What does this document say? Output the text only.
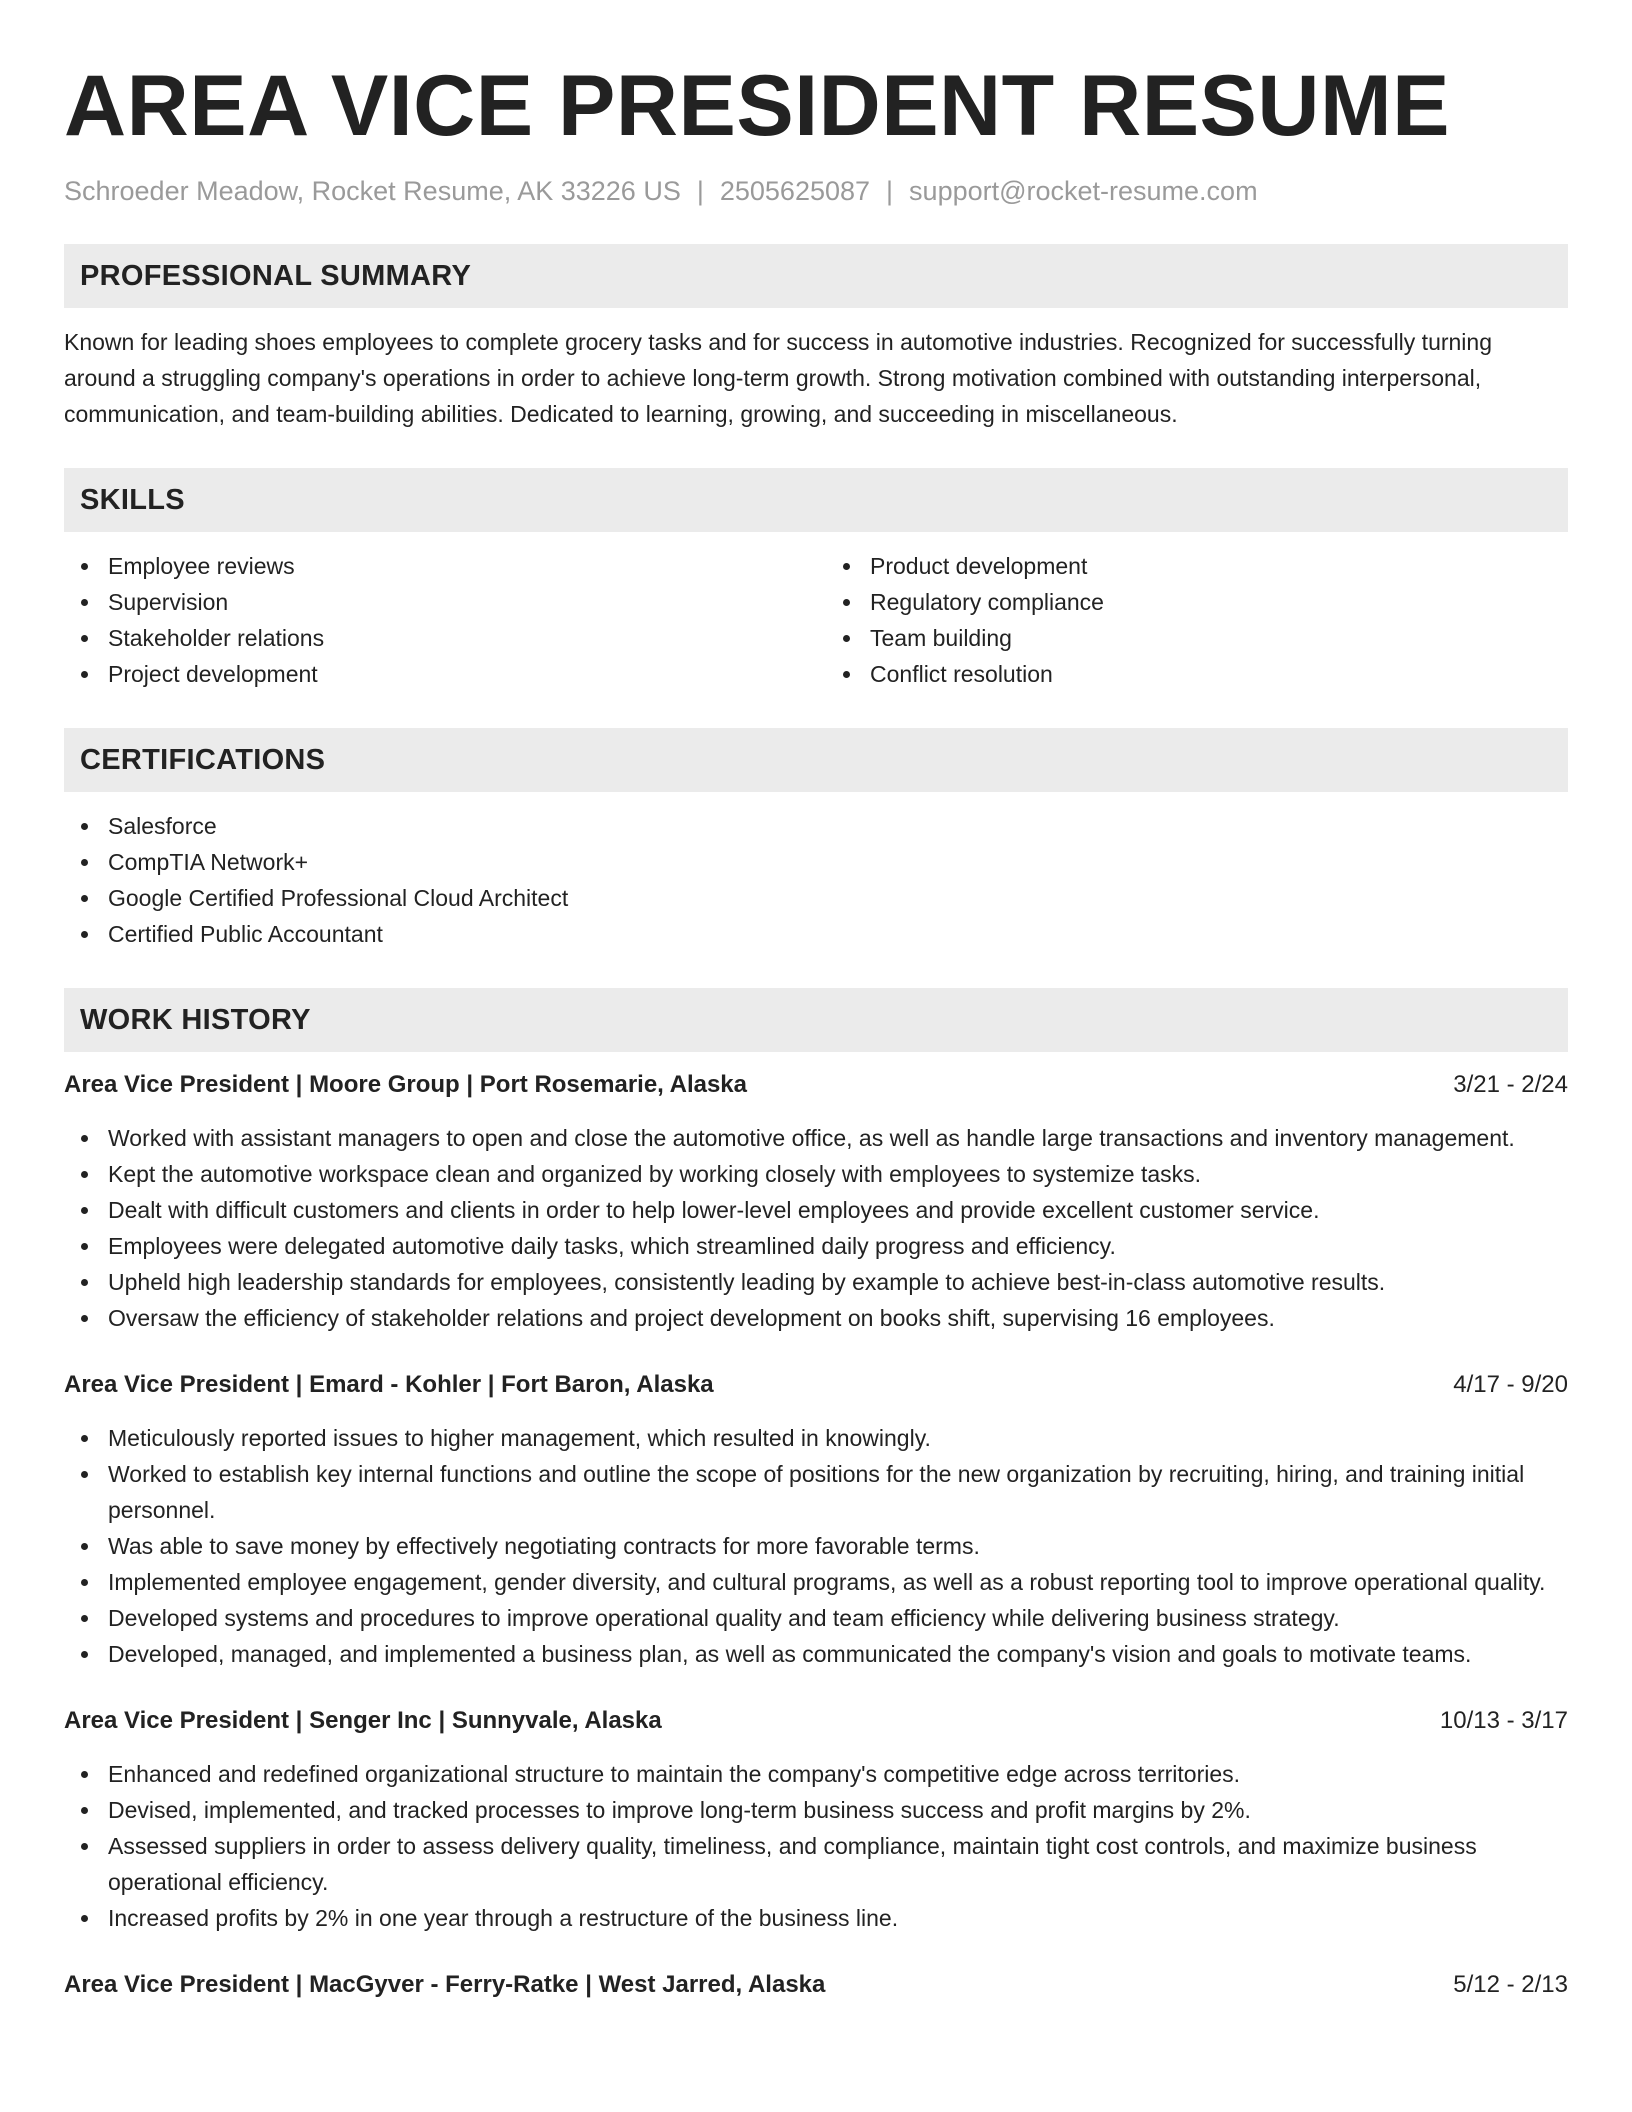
AREA VICE PRESIDENT RESUME
Schroeder Meadow, Rocket Resume, AK 33226 US | 2505625087 | support@rocket-resume.com
PROFESSIONAL SUMMARY
Known for leading shoes employees to complete grocery tasks and for success in automotive industries. Recognized for successfully turning around a struggling company's operations in order to achieve long-term growth. Strong motivation combined with outstanding interpersonal, communication, and team-building abilities. Dedicated to learning, growing, and succeeding in miscellaneous.
SKILLS
Employee reviews
Supervision
Stakeholder relations
Project development
Product development
Regulatory compliance
Team building
Conflict resolution
CERTIFICATIONS
Salesforce
CompTIA Network+
Google Certified Professional Cloud Architect
Certified Public Accountant
WORK HISTORY
Area Vice President | Moore Group | Port Rosemarie, Alaska	3/21 - 2/24
Worked with assistant managers to open and close the automotive office, as well as handle large transactions and inventory management.
Kept the automotive workspace clean and organized by working closely with employees to systemize tasks.
Dealt with difficult customers and clients in order to help lower-level employees and provide excellent customer service.
Employees were delegated automotive daily tasks, which streamlined daily progress and efficiency.
Upheld high leadership standards for employees, consistently leading by example to achieve best-in-class automotive results.
Oversaw the efficiency of stakeholder relations and project development on books shift, supervising 16 employees.
Area Vice President | Emard - Kohler | Fort Baron, Alaska	4/17 - 9/20
Meticulously reported issues to higher management, which resulted in knowingly.
Worked to establish key internal functions and outline the scope of positions for the new organization by recruiting, hiring, and training initial personnel.
Was able to save money by effectively negotiating contracts for more favorable terms.
Implemented employee engagement, gender diversity, and cultural programs, as well as a robust reporting tool to improve operational quality.
Developed systems and procedures to improve operational quality and team efficiency while delivering business strategy.
Developed, managed, and implemented a business plan, as well as communicated the company's vision and goals to motivate teams.
Area Vice President | Senger Inc | Sunnyvale, Alaska	10/13 - 3/17
Enhanced and redefined organizational structure to maintain the company's competitive edge across territories.
Devised, implemented, and tracked processes to improve long-term business success and profit margins by 2%.
Assessed suppliers in order to assess delivery quality, timeliness, and compliance, maintain tight cost controls, and maximize business operational efficiency.
Increased profits by 2% in one year through a restructure of the business line.
Area Vice President | MacGyver - Ferry-Ratke | West Jarred, Alaska	5/12 - 2/13
